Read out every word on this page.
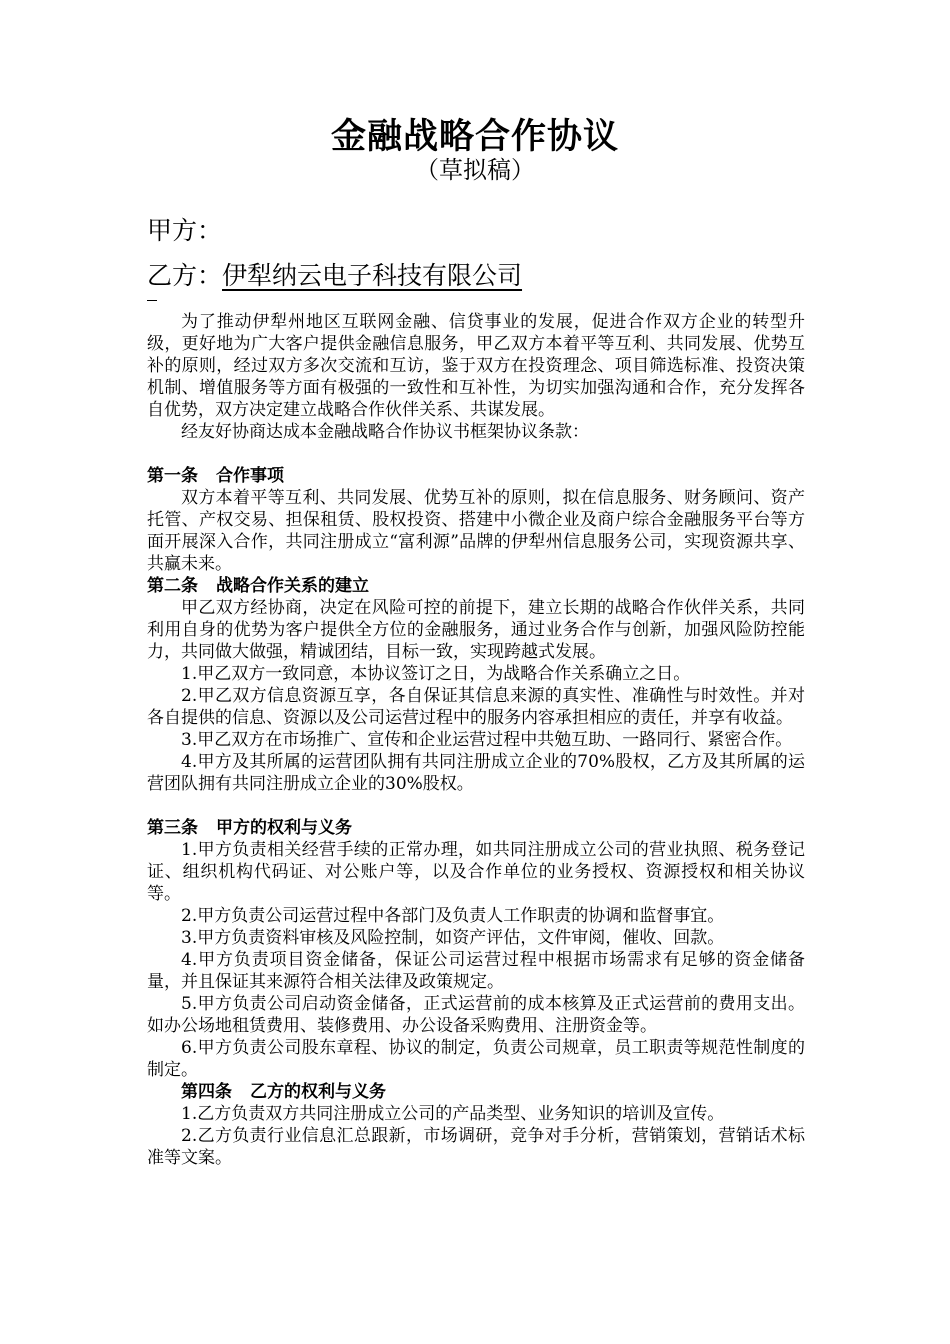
金融战略合作协议
（草拟稿）
甲方：
乙方：伊犁纳云电子科技有限公司

为了推动伊犁州地区互联网金融、信贷事业的发展，促进合作双方企业的转型升级，更好地为广大客户提供金融信息服务，甲乙双方本着平等互利、共同发展、优势互补的原则，经过双方多次交流和互访，鉴于双方在投资理念、项目筛选标准、投资决策机制、增值服务等方面有极强的一致性和互补性，为切实加强沟通和合作，充分发挥各自优势，双方决定建立战略合作伙伴关系、共谋发展。

经友好协商达成本金融战略合作协议书框架协议条款：

第一条 合作事项

双方本着平等互利、共同发展、优势互补的原则，拟在信息服务、财务顾问、资产托管、产权交易、担保租赁、股权投资、搭建中小微企业及商户综合金融服务平台等方面开展深入合作，共同注册成立“富利源”品牌的伊犁州信息服务公司，实现资源共享、共赢未来。

第二条 战略合作关系的建立

甲乙双方经协商，决定在风险可控的前提下，建立长期的战略合作伙伴关系，共同利用自身的优势为客户提供全方位的金融服务，通过业务合作与创新，加强风险防控能力，共同做大做强，精诚团结，目标一致，实现跨越式发展。

1.甲乙双方一致同意，本协议签订之日，为战略合作关系确立之日。

2.甲乙双方信息资源互享，各自保证其信息来源的真实性、准确性与时效性。并对各自提供的信息、资源以及公司运营过程中的服务内容承担相应的责任，并享有收益。

3.甲乙双方在市场推广、宣传和企业运营过程中共勉互助、一路同行、紧密合作。

4.甲方及其所属的运营团队拥有共同注册成立企业的70%股权，乙方及其所属的运营团队拥有共同注册成立企业的30%股权。

第三条 甲方的权利与义务

1.甲方负责相关经营手续的正常办理，如共同注册成立公司的营业执照、税务登记证、组织机构代码证、对公账户等，以及合作单位的业务授权、资源授权和相关协议等。

2.甲方负责公司运营过程中各部门及负责人工作职责的协调和监督事宜。

3.甲方负责资料审核及风险控制，如资产评估，文件审阅，催收、回款。

4.甲方负责项目资金储备，保证公司运营过程中根据市场需求有足够的资金储备量，并且保证其来源符合相关法律及政策规定。

5.甲方负责公司启动资金储备，正式运营前的成本核算及正式运营前的费用支出。如办公场地租赁费用、装修费用、办公设备采购费用、注册资金等。

6.甲方负责公司股东章程、协议的制定，负责公司规章，员工职责等规范性制度的制定。

第四条 乙方的权利与义务

1.乙方负责双方共同注册成立公司的产品类型、业务知识的培训及宣传。

2.乙方负责行业信息汇总跟新，市场调研，竞争对手分析，营销策划，营销话术标准等文案。
